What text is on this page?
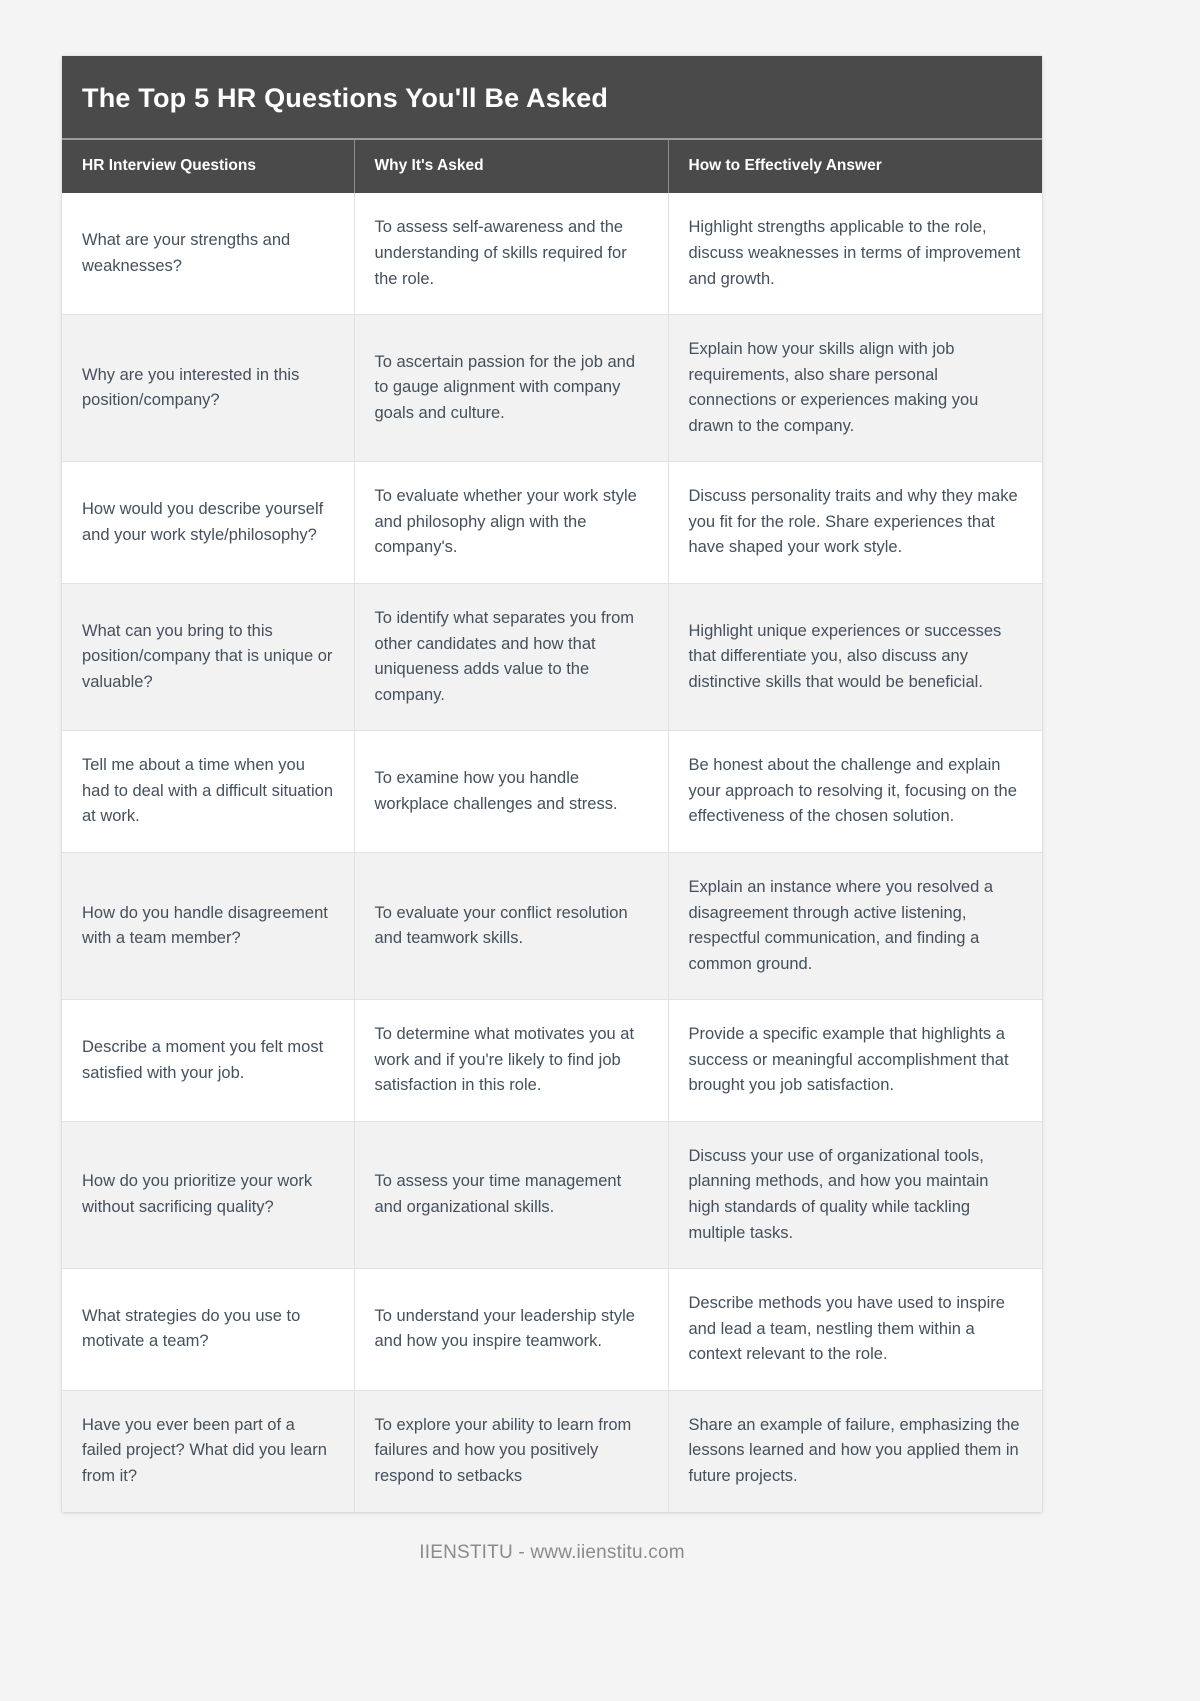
The Top 5 HR Questions You'll Be Asked
HR Interview Questions	Why It's Asked	How to Effectively Answer
What are your strengths and weaknesses?	To assess self-awareness and the understanding of skills required for the role.	Highlight strengths applicable to the role, discuss weaknesses in terms of improvement and growth.
Why are you interested in this position/company?	To ascertain passion for the job and to gauge alignment with company goals and culture.	Explain how your skills align with job requirements, also share personal connections or experiences making you drawn to the company.
How would you describe yourself and your work style/philosophy?	To evaluate whether your work style and philosophy align with the company's.	Discuss personality traits and why they make you fit for the role. Share experiences that have shaped your work style.
What can you bring to this position/company that is unique or valuable?	To identify what separates you from other candidates and how that uniqueness adds value to the company.	Highlight unique experiences or successes that differentiate you, also discuss any distinctive skills that would be beneficial.
Tell me about a time when you had to deal with a difficult situation at work.	To examine how you handle workplace challenges and stress.	Be honest about the challenge and explain your approach to resolving it, focusing on the effectiveness of the chosen solution.
How do you handle disagreement with a team member?	To evaluate your conflict resolution and teamwork skills.	Explain an instance where you resolved a disagreement through active listening, respectful communication, and finding a common ground.
Describe a moment you felt most satisfied with your job.	To determine what motivates you at work and if you're likely to find job satisfaction in this role.	Provide a specific example that highlights a success or meaningful accomplishment that brought you job satisfaction.
How do you prioritize your work without sacrificing quality?	To assess your time management and organizational skills.	Discuss your use of organizational tools, planning methods, and how you maintain high standards of quality while tackling multiple tasks.
What strategies do you use to motivate a team?	To understand your leadership style and how you inspire teamwork.	Describe methods you have used to inspire and lead a team, nestling them within a context relevant to the role.
Have you ever been part of a failed project? What did you learn from it?	To explore your ability to learn from failures and how you positively respond to setbacks	Share an example of failure, emphasizing the lessons learned and how you applied them in future projects.
IIENSTITU - www.iienstitu.com
